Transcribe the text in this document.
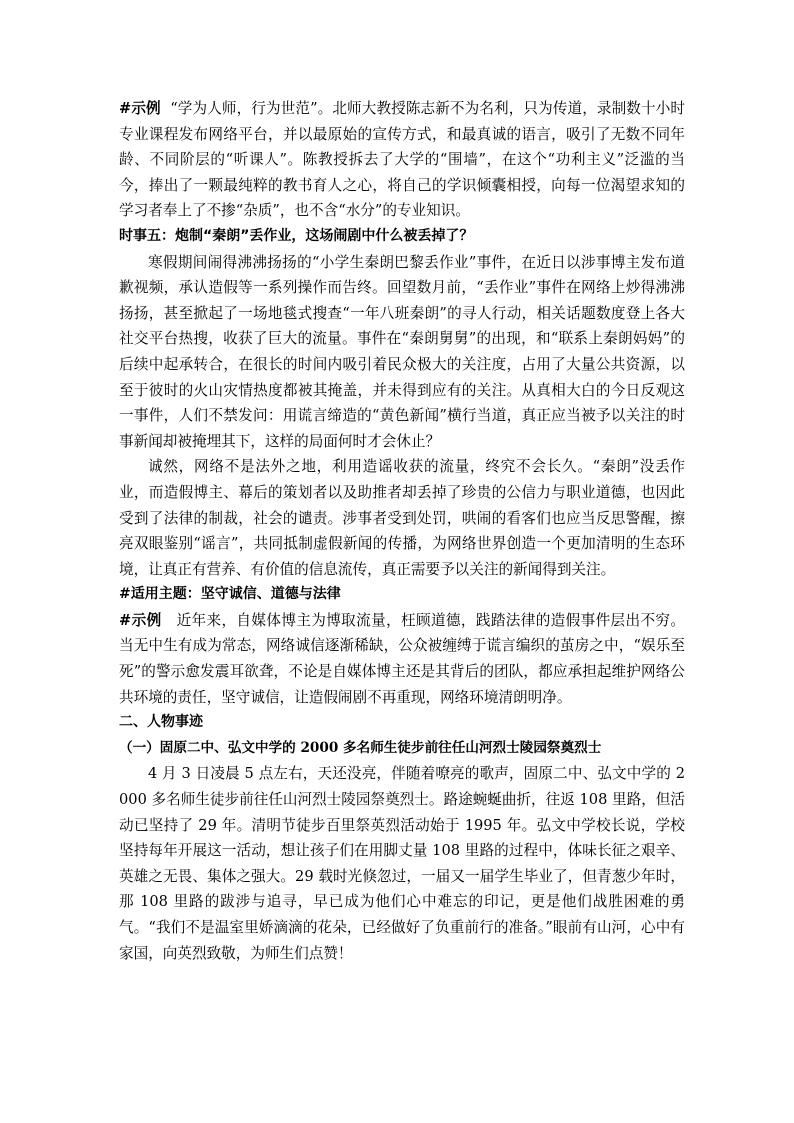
#示例 “学为人师，行为世范”。北师大教授陈志新不为名利，只为传道，录制数十小时专业课程发布网络平台，并以最原始的宣传方式，和最真诚的语言，吸引了无数不同年龄、不同阶层的“听课人”。陈教授拆去了大学的“围墙”，在这个“功利主义”泛滥的当今，捧出了一颗最纯粹的教书育人之心，将自己的学识倾囊相授，向每一位渴望求知的学习者奉上了不掺“杂质”，也不含“水分”的专业知识。

时事五：炮制“秦朗”丢作业，这场闹剧中什么被丢掉了？

寒假期间闹得沸沸扬扬的“小学生秦朗巴黎丢作业”事件，在近日以涉事博主发布道歉视频，承认造假等一系列操作而告终。回望数月前，“丢作业”事件在网络上炒得沸沸扬扬，甚至掀起了一场地毯式搜查“一年八班秦朗”的寻人行动，相关话题数度登上各大社交平台热搜，收获了巨大的流量。事件在“秦朗舅舅”的出现，和“联系上秦朗妈妈”的后续中起承转合，在很长的时间内吸引着民众极大的关注度，占用了大量公共资源，以至于彼时的火山灾情热度都被其掩盖，并未得到应有的关注。从真相大白的今日反观这一事件，人们不禁发问：用谎言缔造的“黄色新闻”横行当道，真正应当被予以关注的时事新闻却被掩埋其下，这样的局面何时才会休止？

诚然，网络不是法外之地，利用造谣收获的流量，终究不会长久。“秦朗”没丢作业，而造假博主、幕后的策划者以及助推者却丢掉了珍贵的公信力与职业道德，也因此受到了法律的制裁，社会的谴责。涉事者受到处罚，哄闹的看客们也应当反思警醒，擦亮双眼鉴别“谣言”，共同抵制虚假新闻的传播，为网络世界创造一个更加清明的生态环境，让真正有营养、有价值的信息流传，真正需要予以关注的新闻得到关注。

#适用主题：坚守诚信、道德与法律

#示例 近年来，自媒体博主为博取流量，枉顾道德，践踏法律的造假事件层出不穷。当无中生有成为常态，网络诚信逐渐稀缺，公众被缠缚于谎言编织的茧房之中，“娱乐至死”的警示愈发震耳欲聋，不论是自媒体博主还是其背后的团队，都应承担起维护网络公共环境的责任，坚守诚信，让造假闹剧不再重现，网络环境清朗明净。

二、人物事迹

（一）固原二中、弘文中学的 2000 多名师生徒步前往任山河烈士陵园祭奠烈士

4 月 3 日凌晨 5 点左右，天还没亮，伴随着嘹亮的歌声，固原二中、弘文中学的 2000 多名师生徒步前往任山河烈士陵园祭奠烈士。路途蜿蜒曲折，往返 108 里路，但活动已坚持了 29 年。清明节徒步百里祭英烈活动始于 1995 年。弘文中学校长说，学校坚持每年开展这一活动，想让孩子们在用脚丈量 108 里路的过程中，体味长征之艰辛、英雄之无畏、集体之强大。29 载时光倏忽过，一届又一届学生毕业了，但青葱少年时，那 108 里路的跋涉与追寻，早已成为他们心中难忘的印记，更是他们战胜困难的勇气。“我们不是温室里娇滴滴的花朵，已经做好了负重前行的准备。”眼前有山河，心中有家国，向英烈致敬，为师生们点赞！
